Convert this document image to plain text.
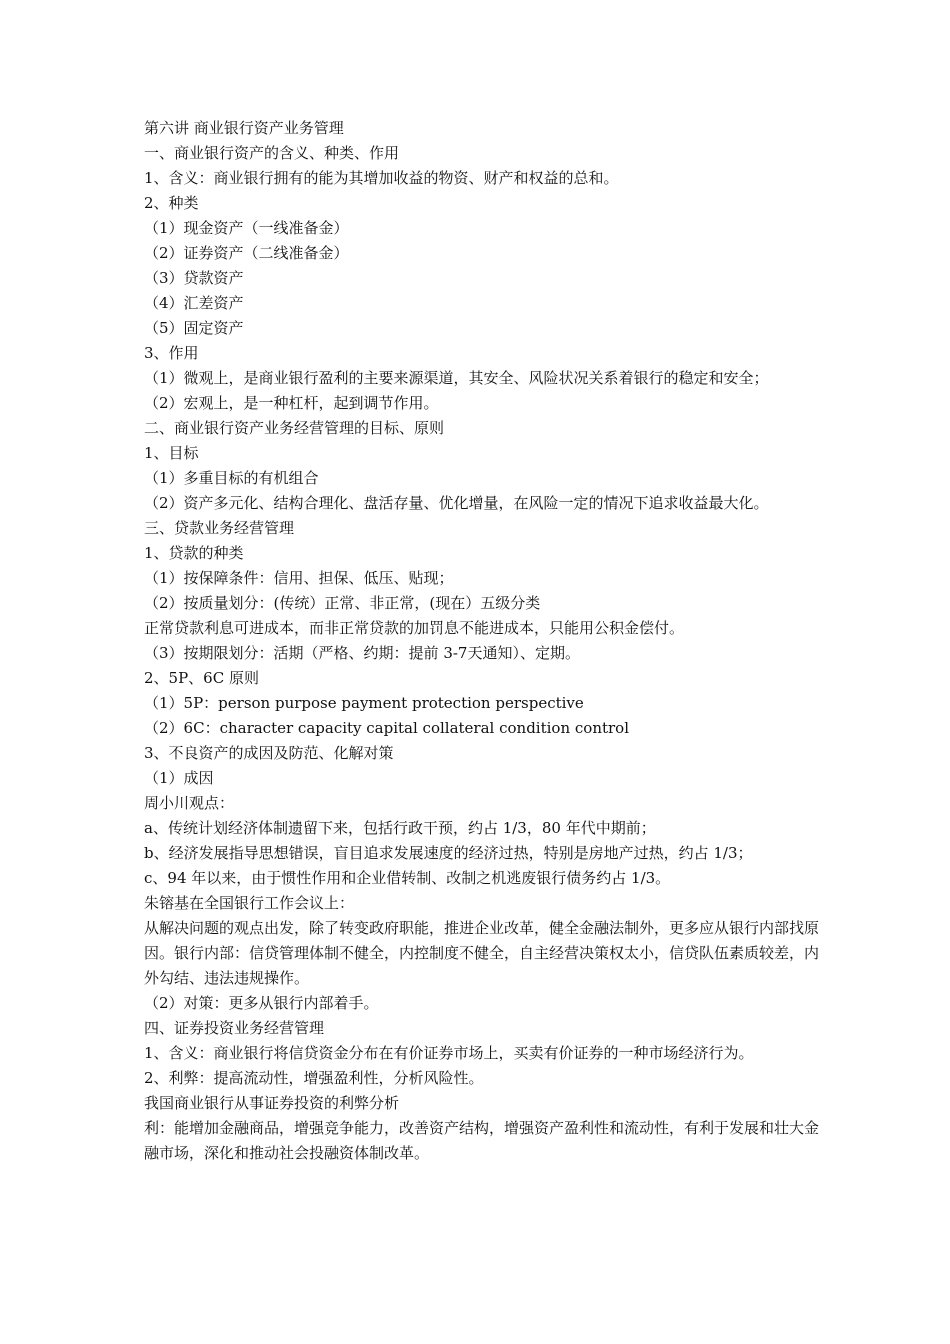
第六讲 商业银行资产业务管理
一、商业银行资产的含义、种类、作用
1、含义：商业银行拥有的能为其增加收益的物资、财产和权益的总和。
2、种类
（1）现金资产（一线准备金）
（2）证券资产（二线准备金）
（3）贷款资产
（4）汇差资产
（5）固定资产
3、作用
（1）微观上，是商业银行盈利的主要来源渠道，其安全、风险状况关系着银行的稳定和安全；
（2）宏观上，是一种杠杆，起到调节作用。
二、商业银行资产业务经营管理的目标、原则
1、目标
（1）多重目标的有机组合
（2）资产多元化、结构合理化、盘活存量、优化增量，在风险一定的情况下追求收益最大化。
三、贷款业务经营管理
1、贷款的种类
（1）按保障条件：信用、担保、低压、贴现；
（2）按质量划分：(传统）正常、非正常，(现在）五级分类
正常贷款利息可进成本，而非正常贷款的加罚息不能进成本，只能用公积金偿付。
（3）按期限划分：活期（严格、约期：提前 3-7天通知）、定期。
2、5P、6C 原则
（1）5P：person purpose payment protection perspective
（2）6C：character capacity capital collateral condition control
3、不良资产的成因及防范、化解对策
（1）成因
周小川观点：
a、传统计划经济体制遗留下来，包括行政干预，约占 1/3，80 年代中期前；
b、经济发展指导思想错误，盲目追求发展速度的经济过热，特别是房地产过热，约占 1/3；
c、94 年以来，由于惯性作用和企业借转制、改制之机逃废银行债务约占 1/3。
朱镕基在全国银行工作会议上：
从解决问题的观点出发，除了转变政府职能，推进企业改革，健全金融法制外，更多应从银行内部找原因。银行内部：信贷管理体制不健全，内控制度不健全，自主经营决策权太小，信贷队伍素质较差，内外勾结、违法违规操作。
（2）对策：更多从银行内部着手。
四、证券投资业务经营管理
1、含义：商业银行将信贷资金分布在有价证券市场上，买卖有价证券的一种市场经济行为。
2、利弊：提高流动性，增强盈利性，分析风险性。
我国商业银行从事证券投资的利弊分析
利：能增加金融商品，增强竞争能力，改善资产结构，增强资产盈利性和流动性，有利于发展和壮大金融市场，深化和推动社会投融资体制改革。
